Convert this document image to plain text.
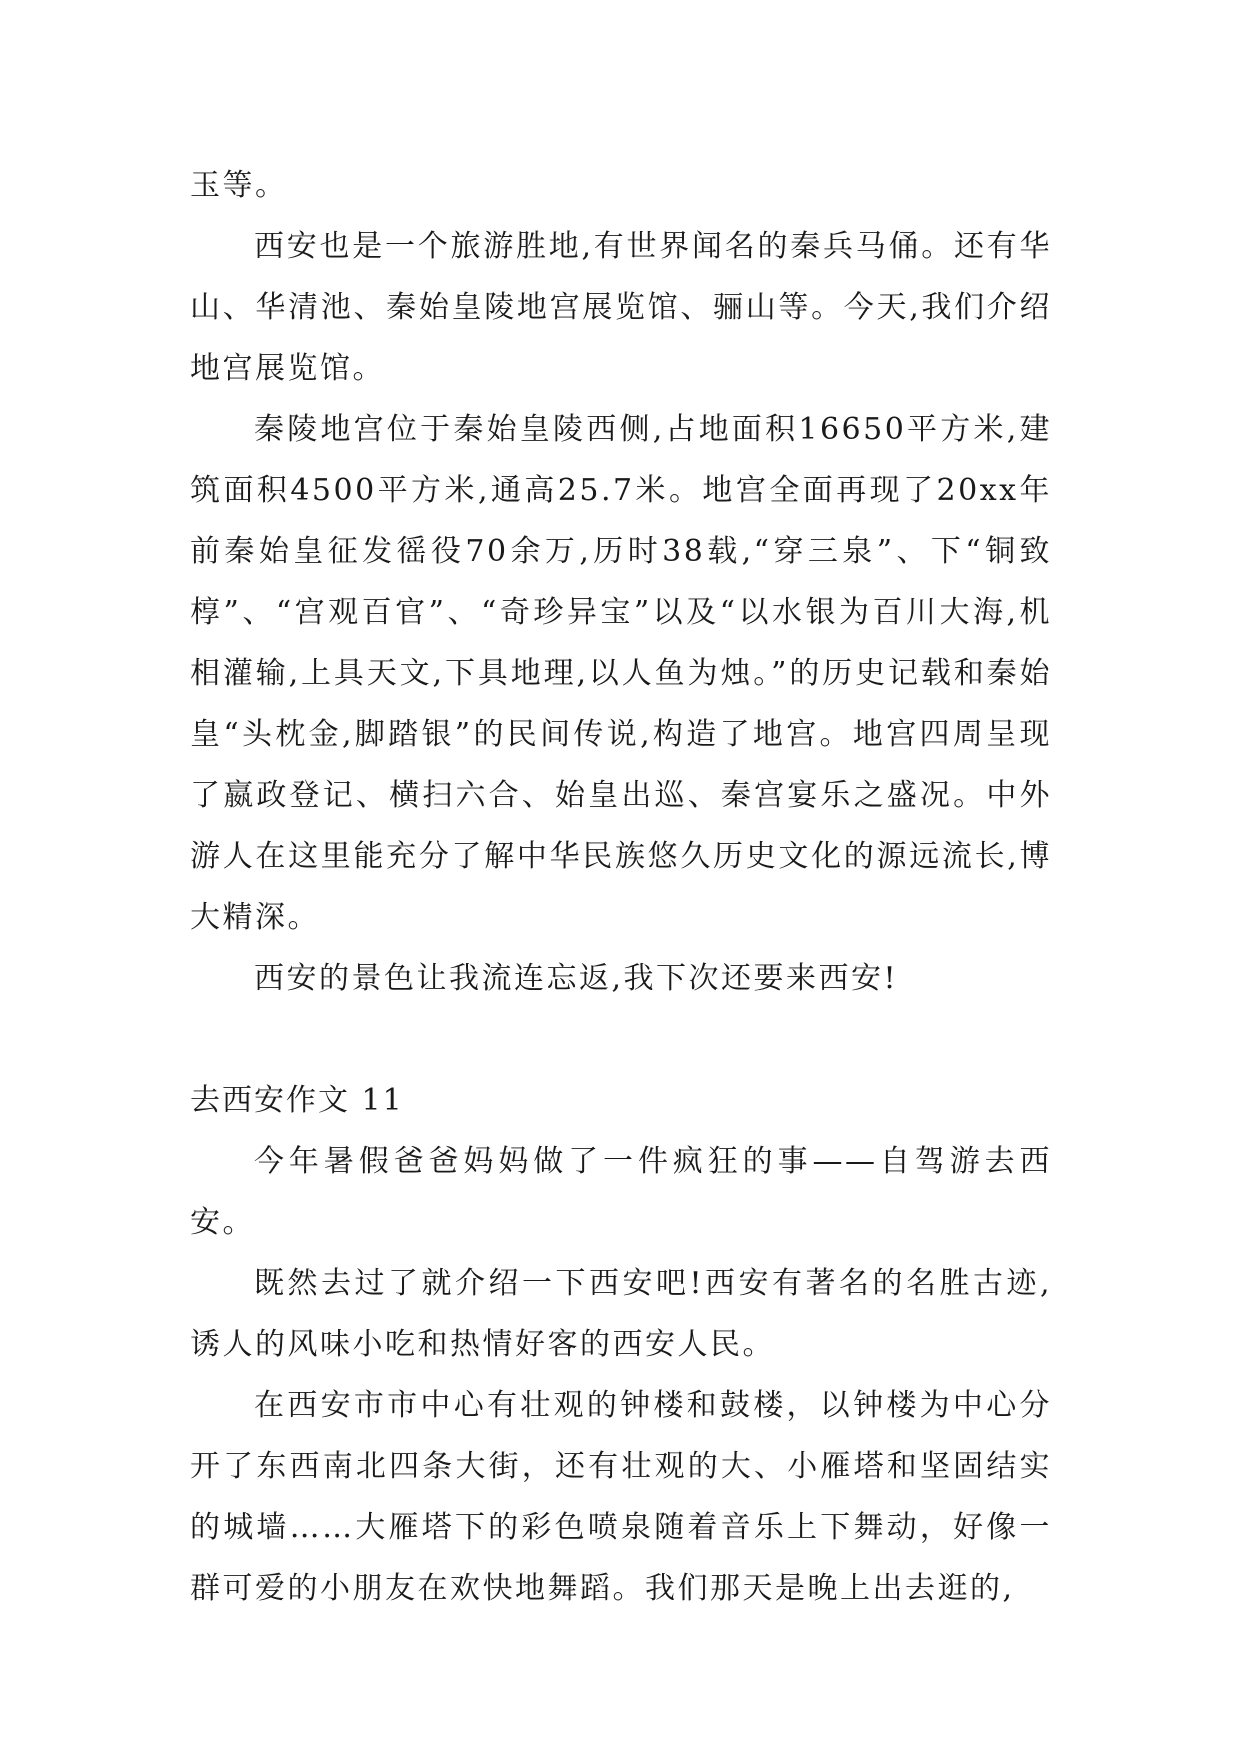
玉等。

西安也是一个旅游胜地,有世界闻名的秦兵马俑。还有华山、华清池、秦始皇陵地宫展览馆、骊山等。今天,我们介绍地宫展览馆。

秦陵地宫位于秦始皇陵西侧,占地面积16650平方米,建筑面积4500平方米,通高25.7米。地宫全面再现了20xx年前秦始皇征发徭役70余万,历时38载,“穿三泉”、下“铜致椁”、“宫观百官”、“奇珍异宝”以及“以水银为百川大海,机相灌输,上具天文,下具地理,以人鱼为烛。”的历史记载和秦始皇“头枕金,脚踏银”的民间传说,构造了地宫。地宫四周呈现了嬴政登记、横扫六合、始皇出巡、秦宫宴乐之盛况。中外游人在这里能充分了解中华民族悠久历史文化的源远流长,博大精深。

西安的景色让我流连忘返,我下次还要来西安!

去西安作文 11

今年暑假爸爸妈妈做了一件疯狂的事——自驾游去西安。

既然去过了就介绍一下西安吧!西安有著名的名胜古迹,诱人的风味小吃和热情好客的西安人民。

在西安市市中心有壮观的钟楼和鼓楼，以钟楼为中心分开了东西南北四条大街，还有壮观的大、小雁塔和坚固结实的城墙……大雁塔下的彩色喷泉随着音乐上下舞动，好像一群可爱的小朋友在欢快地舞蹈。我们那天是晚上出去逛的,
